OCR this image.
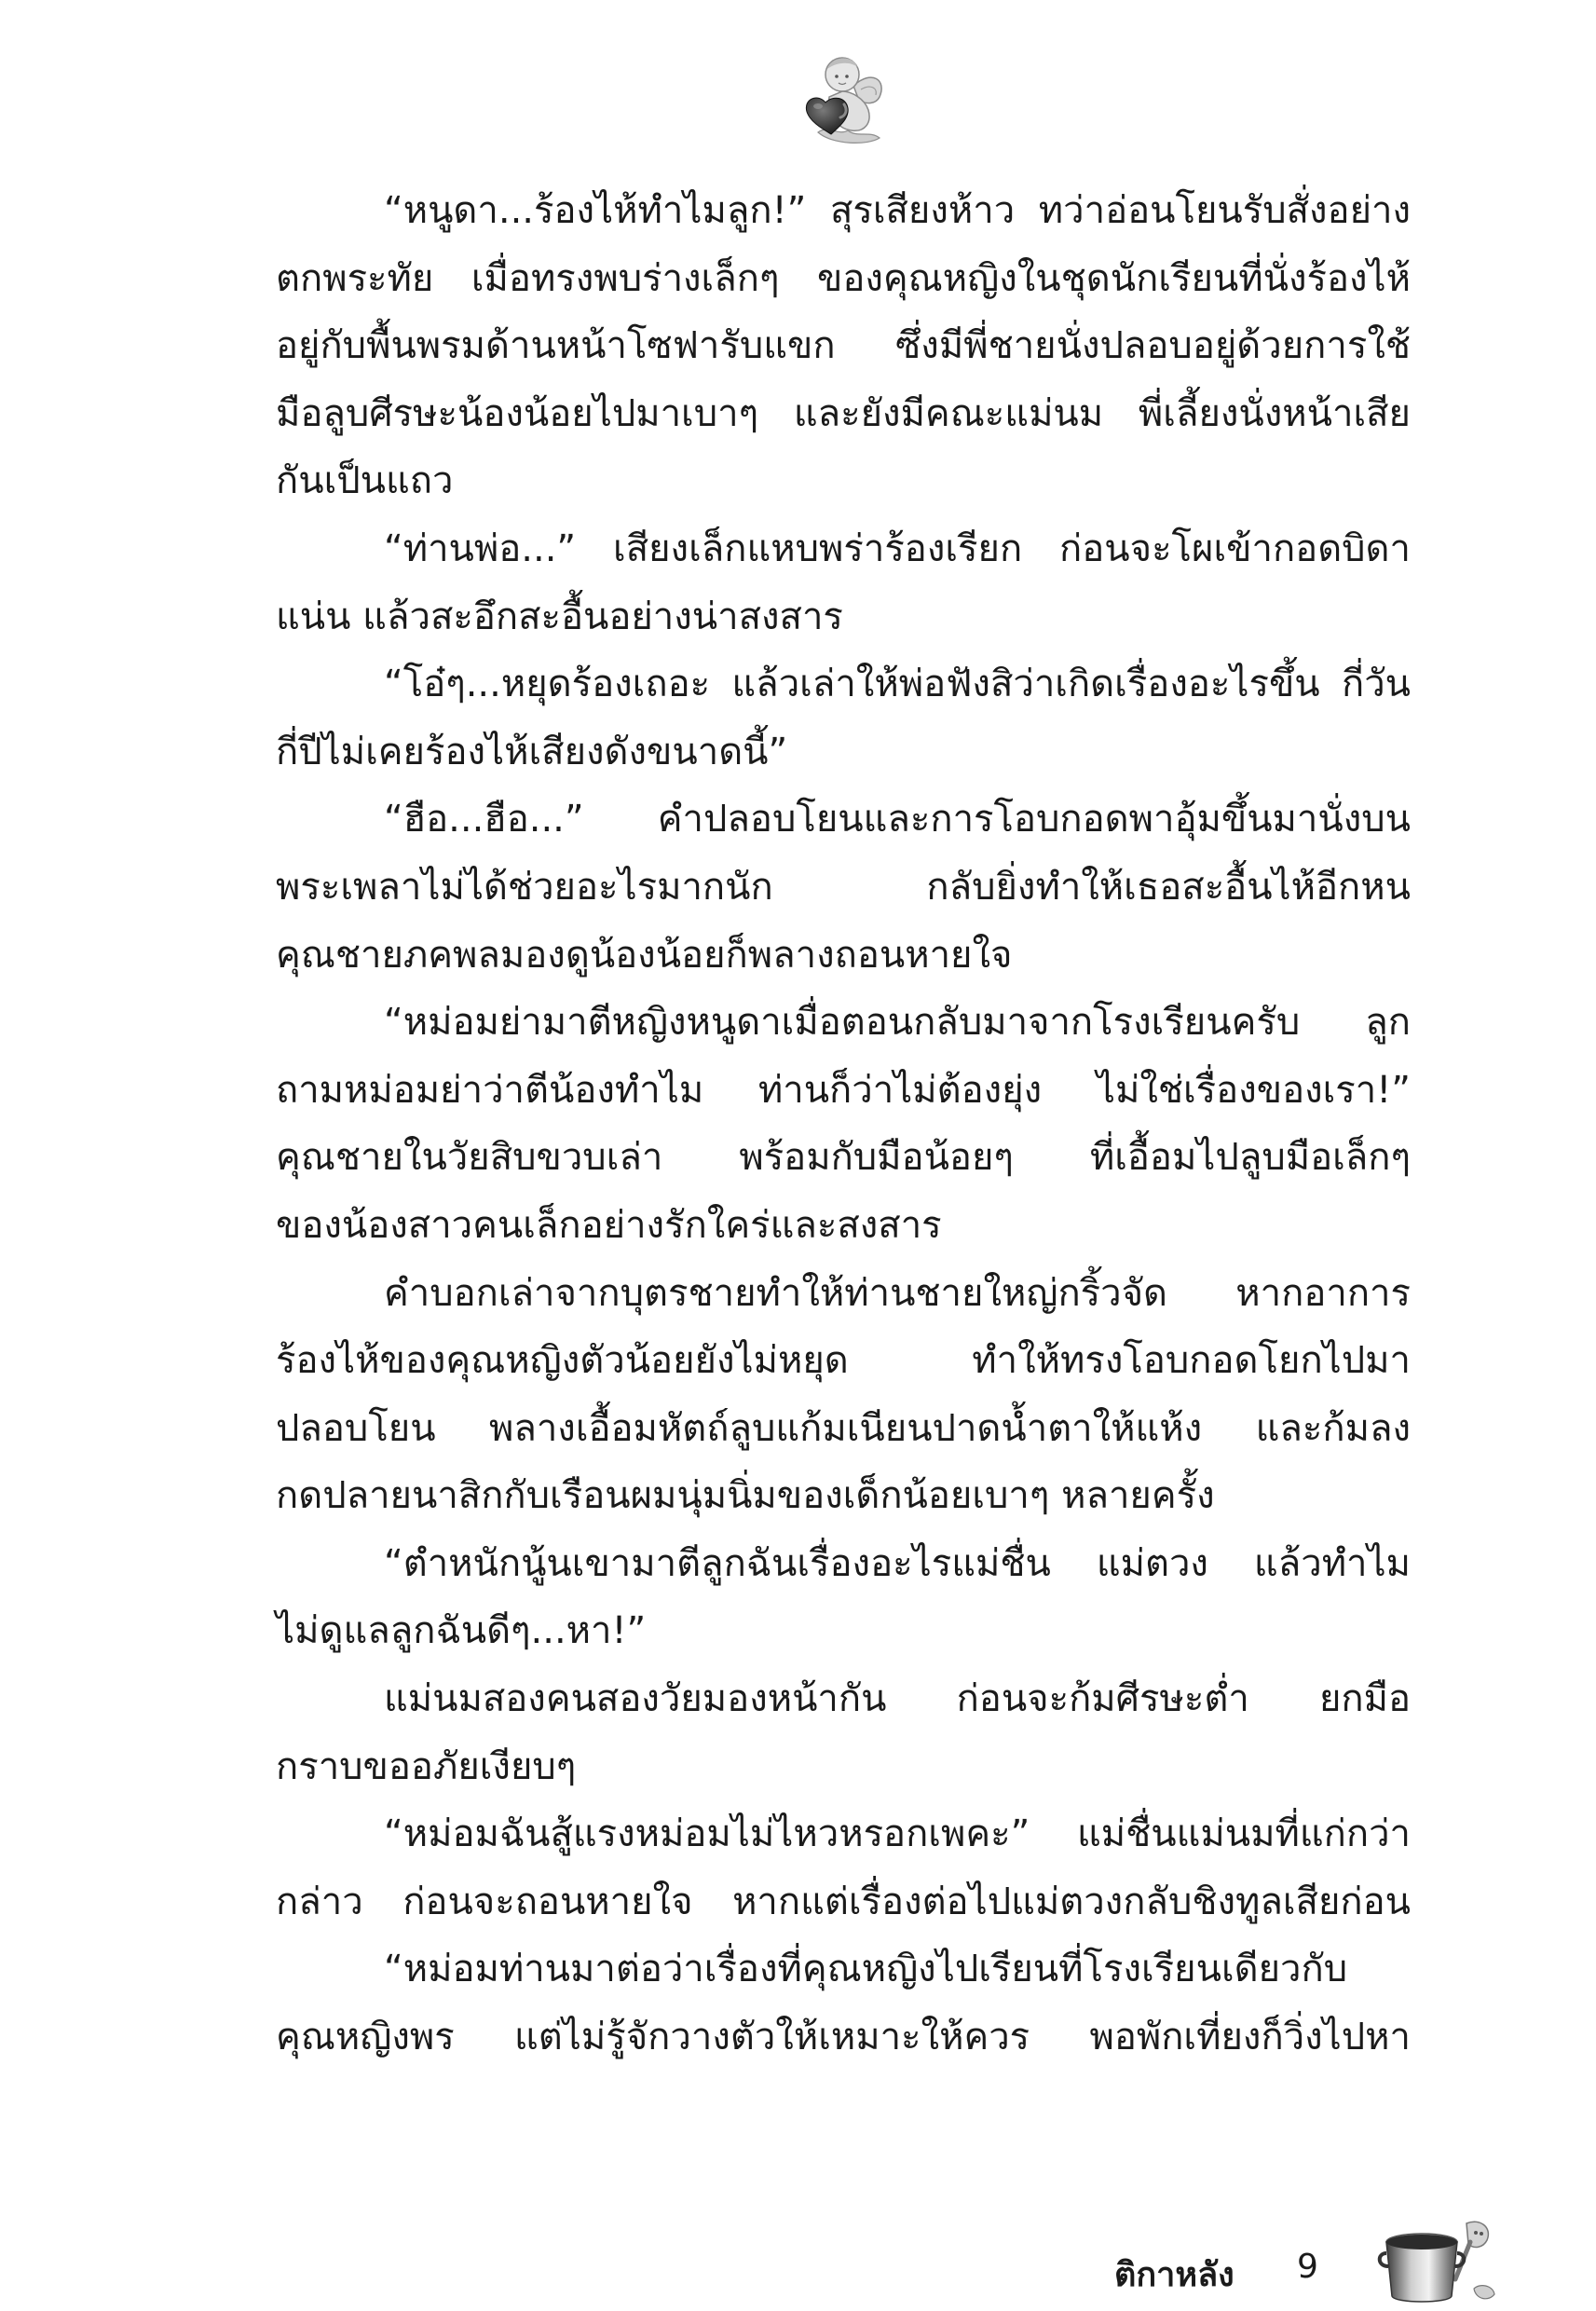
“หนูดา...ร้องไห้ทำไมลูก!” สุรเสียงห้าว ทว่าอ่อนโยนรับสั่งอย่าง
ตกพระทัย เมื่อทรงพบร่างเล็กๆ ของคุณหญิงในชุดนักเรียนที่นั่งร้องไห้
อยู่กับพื้นพรมด้านหน้าโซฟารับแขก ซึ่งมีพี่ชายนั่งปลอบอยู่ด้วยการใช้
มือลูบศีรษะน้องน้อยไปมาเบาๆ และยังมีคณะแม่นม พี่เลี้ยงนั่งหน้าเสีย
กันเป็นแถว
“ท่านพ่อ...” เสียงเล็กแหบพร่าร้องเรียก ก่อนจะโผเข้ากอดบิดา
แน่น แล้วสะอึกสะอื้นอย่างน่าสงสาร
“โอ๋ๆ...หยุดร้องเถอะ แล้วเล่าให้พ่อฟังสิว่าเกิดเรื่องอะไรขึ้น กี่วัน
กี่ปีไม่เคยร้องไห้เสียงดังขนาดนี้”
“ฮือ...ฮือ...” คำปลอบโยนและการโอบกอดพาอุ้มขึ้นมานั่งบน
พระเพลาไม่ได้ช่วยอะไรมากนัก กลับยิ่งทำให้เธอสะอื้นไห้อีกหน
คุณชายภคพลมองดูน้องน้อยก็พลางถอนหายใจ
“หม่อมย่ามาตีหญิงหนูดาเมื่อตอนกลับมาจากโรงเรียนครับ ลูก
ถามหม่อมย่าว่าตีน้องทำไม ท่านก็ว่าไม่ต้องยุ่ง ไม่ใช่เรื่องของเรา!”
คุณชายในวัยสิบขวบเล่า พร้อมกับมือน้อยๆ ที่เอื้อมไปลูบมือเล็กๆ
ของน้องสาวคนเล็กอย่างรักใคร่และสงสาร
คำบอกเล่าจากบุตรชายทำให้ท่านชายใหญ่กริ้วจัด หากอาการ
ร้องไห้ของคุณหญิงตัวน้อยยังไม่หยุด ทำให้ทรงโอบกอดโยกไปมา
ปลอบโยน พลางเอื้อมหัตถ์ลูบแก้มเนียนปาดน้ำตาให้แห้ง และก้มลง
กดปลายนาสิกกับเรือนผมนุ่มนิ่มของเด็กน้อยเบาๆ หลายครั้ง
“ตำหนักนู้นเขามาตีลูกฉันเรื่องอะไรแม่ชื่น แม่ตวง แล้วทำไม
ไม่ดูแลลูกฉันดีๆ...หา!”
แม่นมสองคนสองวัยมองหน้ากัน ก่อนจะก้มศีรษะต่ำ ยกมือ
กราบขออภัยเงียบๆ
“หม่อมฉันสู้แรงหม่อมไม่ไหวหรอกเพคะ” แม่ชื่นแม่นมที่แก่กว่า
กล่าว ก่อนจะถอนหายใจ หากแต่เรื่องต่อไปแม่ตวงกลับชิงทูลเสียก่อน
“หม่อมท่านมาต่อว่าเรื่องที่คุณหญิงไปเรียนที่โรงเรียนเดียวกับ
คุณหญิงพร แต่ไม่รู้จักวางตัวให้เหมาะให้ควร พอพักเที่ยงก็วิ่งไปหา
ติกาหลัง 9
